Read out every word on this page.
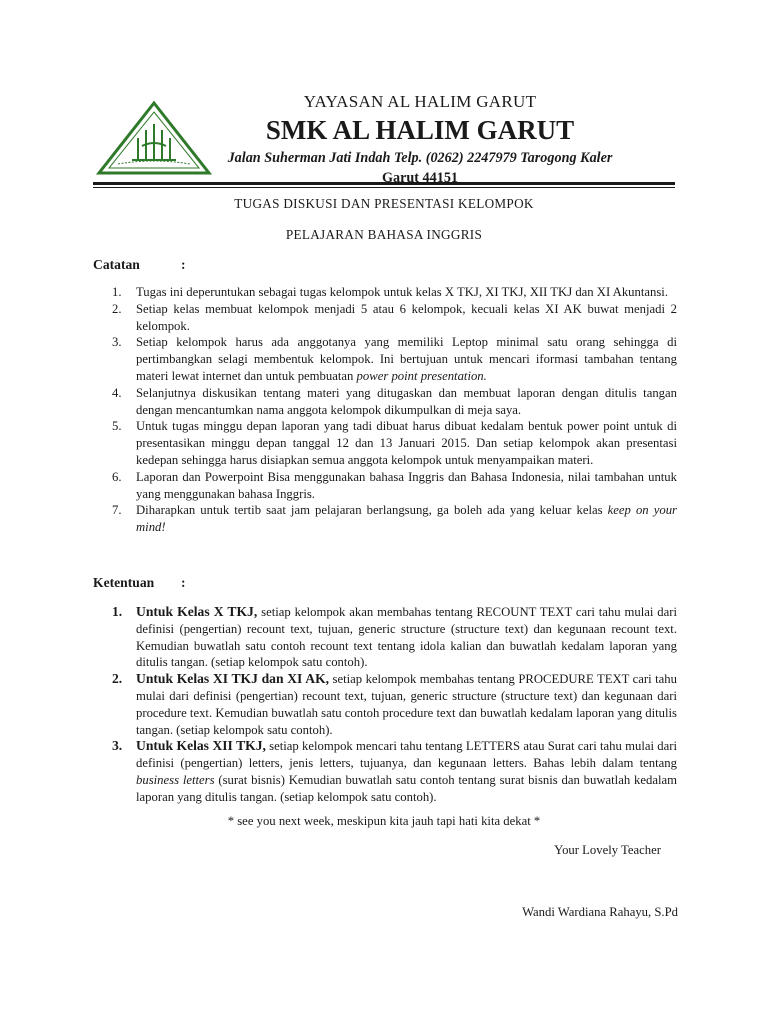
YAYASAN AL HALIM GARUT
SMK AL HALIM GARUT
Jalan Suherman Jati Indah Telp. (0262) 2247979 Tarogong Kaler
Garut 44151
TUGAS DISKUSI DAN PRESENTASI KELOMPOK
PELAJARAN BAHASA INGGRIS
Catatan	:
1. Tugas ini deperuntukan sebagai tugas kelompok untuk kelas X TKJ, XI TKJ, XII TKJ dan XI Akuntansi.
2. Setiap kelas membuat kelompok menjadi 5 atau 6 kelompok, kecuali kelas XI AK buwat menjadi 2 kelompok.
3. Setiap kelompok harus ada anggotanya yang memiliki Leptop minimal satu orang sehingga di pertimbangkan selagi membentuk kelompok. Ini bertujuan untuk mencari iformasi tambahan tentang materi lewat internet dan untuk pembuatan power point presentation.
4. Selanjutnya diskusikan tentang materi yang ditugaskan dan membuat laporan dengan ditulis tangan dengan mencantumkan nama anggota kelompok dikumpulkan di meja saya.
5. Untuk tugas minggu depan laporan yang tadi dibuat harus dibuat kedalam bentuk power point untuk di presentasikan minggu depan tanggal 12 dan 13 Januari 2015. Dan setiap kelompok akan presentasi kedepan sehingga harus disiapkan semua anggota kelompok untuk menyampaikan materi.
6. Laporan dan Powerpoint Bisa menggunakan bahasa Inggris dan Bahasa Indonesia, nilai tambahan untuk yang menggunakan bahasa Inggris.
7. Diharapkan untuk tertib saat jam pelajaran berlangsung, ga boleh ada yang keluar kelas keep on your mind!
Ketentuan :
1. Untuk Kelas X TKJ, setiap kelompok akan membahas tentang RECOUNT TEXT cari tahu mulai dari definisi (pengertian) recount text, tujuan, generic structure (structure text) dan kegunaan recount text. Kemudian buwatlah satu contoh recount text tentang idola kalian dan buwatlah kedalam laporan yang ditulis tangan. (setiap kelompok satu contoh).
2. Untuk Kelas XI TKJ dan XI AK, setiap kelompok membahas tentang PROCEDURE TEXT cari tahu mulai dari definisi (pengertian) recount text, tujuan, generic structure (structure text) dan kegunaan dari procedure text. Kemudian buwatlah satu contoh procedure text dan buwatlah kedalam laporan yang ditulis tangan. (setiap kelompok satu contoh).
3. Untuk Kelas XII TKJ, setiap kelompok mencari tahu tentang LETTERS atau Surat cari tahu mulai dari definisi (pengertian) letters, jenis letters, tujuanya, dan kegunaan letters. Bahas lebih dalam tentang business letters (surat bisnis) Kemudian buwatlah satu contoh tentang surat bisnis dan buwatlah kedalam laporan yang ditulis tangan. (setiap kelompok satu contoh).
* see you next week, meskipun kita jauh tapi hati kita dekat *
Your Lovely Teacher
Wandi Wardiana Rahayu, S.Pd
